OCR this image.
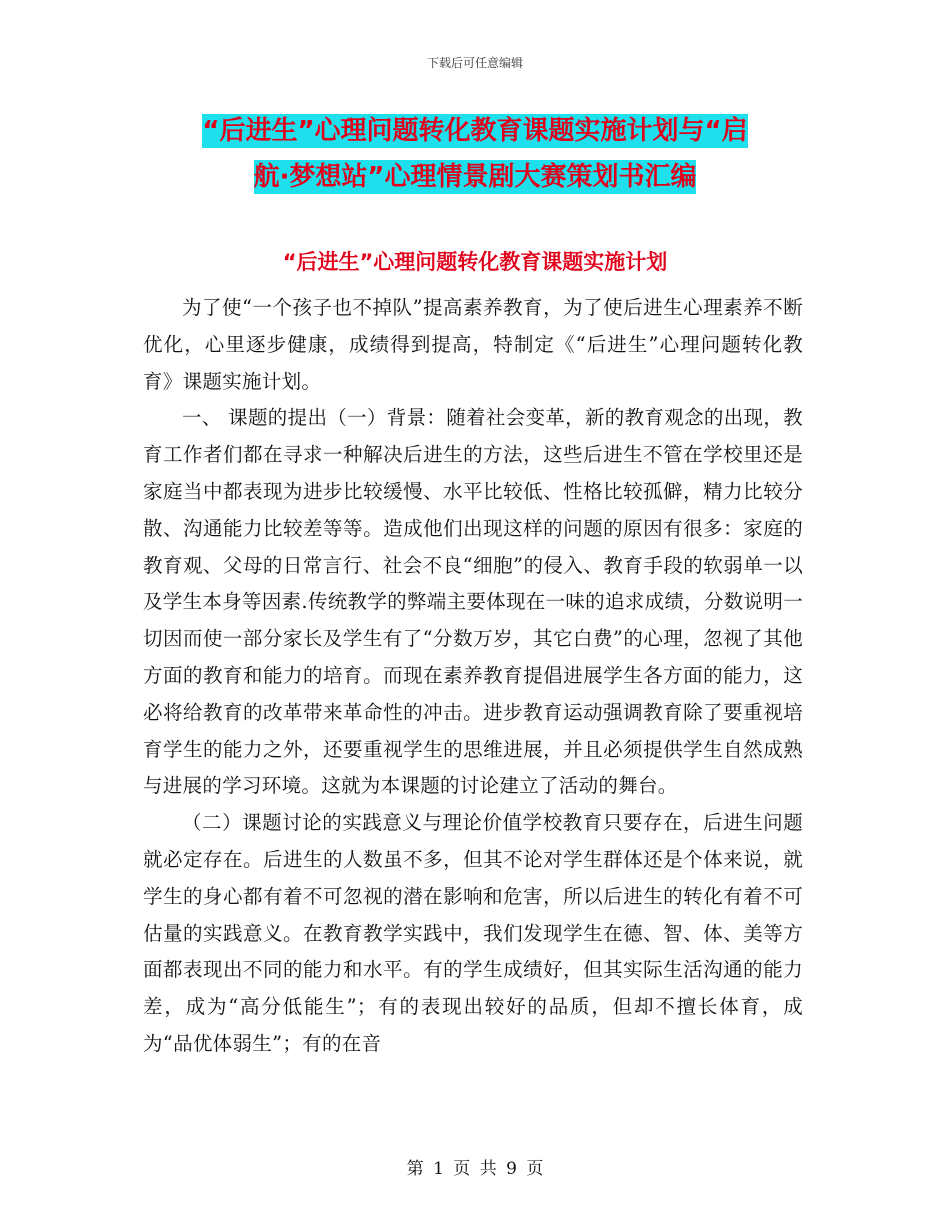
下载后可任意编辑
“后进生”心理问题转化教育课题实施计划与“启
航·梦想站”心理情景剧大赛策划书汇编
“后进生”心理问题转化教育课题实施计划

为了使“一个孩子也不掉队”提高素养教育，为了使后进生心理素养不断优化，心里逐步健康，成绩得到提高，特制定《“后进生”心理问题转化教育》课题实施计划。

一、 课题的提出（一）背景：随着社会变革，新的教育观念的出现，教育工作者们都在寻求一种解决后进生的方法，这些后进生不管在学校里还是家庭当中都表现为进步比较缓慢、水平比较低、性格比较孤僻，精力比较分散、沟通能力比较差等等。造成他们出现这样的问题的原因有很多：家庭的教育观、父母的日常言行、社会不良“细胞”的侵入、教育手段的软弱单一以及学生本身等因素.传统教学的弊端主要体现在一味的追求成绩，分数说明一切因而使一部分家长及学生有了“分数万岁，其它白费”的心理，忽视了其他方面的教育和能力的培育。而现在素养教育提倡进展学生各方面的能力，这必将给教育的改革带来革命性的冲击。进步教育运动强调教育除了要重视培育学生的能力之外，还要重视学生的思维进展，并且必须提供学生自然成熟与进展的学习环境。这就为本课题的讨论建立了活动的舞台。

（二）课题讨论的实践意义与理论价值学校教育只要存在，后进生问题就必定存在。后进生的人数虽不多，但其不论对学生群体还是个体来说，就学生的身心都有着不可忽视的潜在影响和危害，所以后进生的转化有着不可估量的实践意义。在教育教学实践中，我们发现学生在德、智、体、美等方面都表现出不同的能力和水平。有的学生成绩好，但其实际生活沟通的能力差，成为“高分低能生”；有的表现出较好的品质，但却不擅长体育，成为“品优体弱生”；有的在音

第 1 页 共 9 页
